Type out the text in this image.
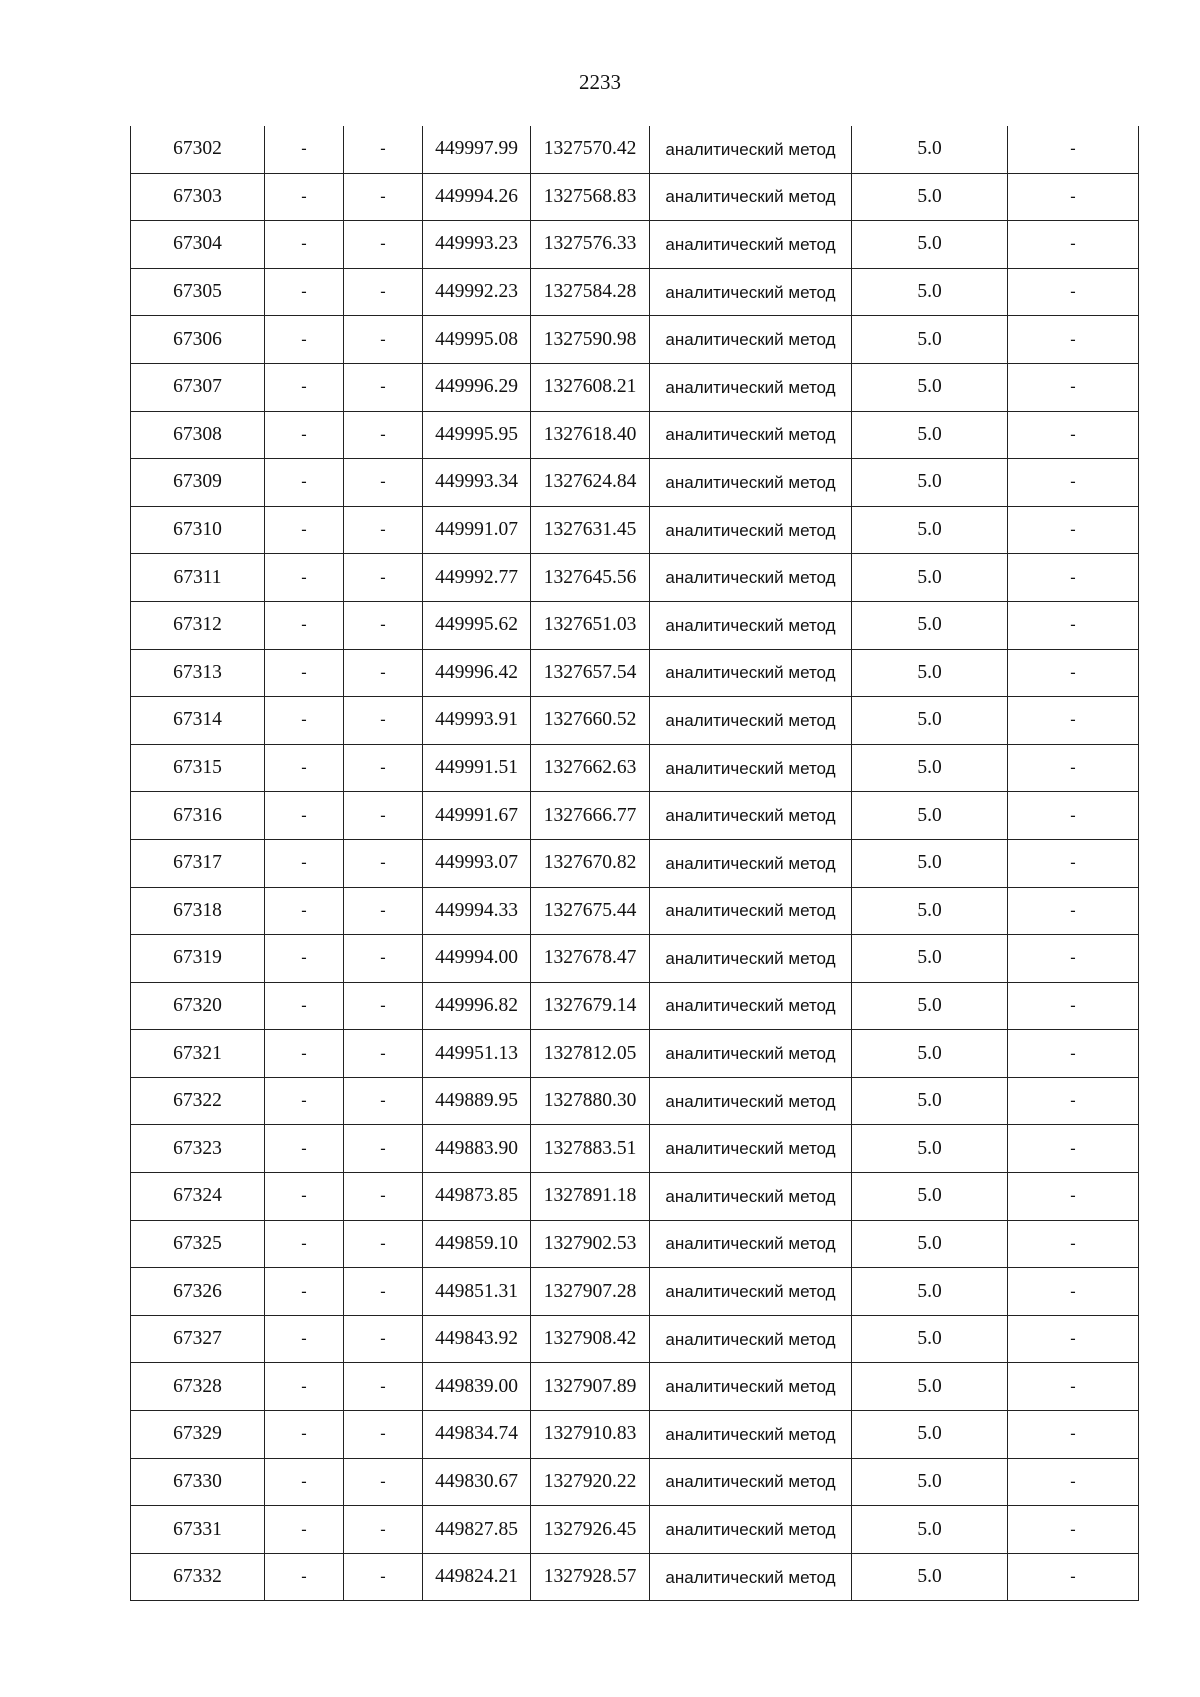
2233
67302	-	-	449997.99	1327570.42	аналитический метод	5.0	-
67303	-	-	449994.26	1327568.83	аналитический метод	5.0	-
67304	-	-	449993.23	1327576.33	аналитический метод	5.0	-
67305	-	-	449992.23	1327584.28	аналитический метод	5.0	-
67306	-	-	449995.08	1327590.98	аналитический метод	5.0	-
67307	-	-	449996.29	1327608.21	аналитический метод	5.0	-
67308	-	-	449995.95	1327618.40	аналитический метод	5.0	-
67309	-	-	449993.34	1327624.84	аналитический метод	5.0	-
67310	-	-	449991.07	1327631.45	аналитический метод	5.0	-
67311	-	-	449992.77	1327645.56	аналитический метод	5.0	-
67312	-	-	449995.62	1327651.03	аналитический метод	5.0	-
67313	-	-	449996.42	1327657.54	аналитический метод	5.0	-
67314	-	-	449993.91	1327660.52	аналитический метод	5.0	-
67315	-	-	449991.51	1327662.63	аналитический метод	5.0	-
67316	-	-	449991.67	1327666.77	аналитический метод	5.0	-
67317	-	-	449993.07	1327670.82	аналитический метод	5.0	-
67318	-	-	449994.33	1327675.44	аналитический метод	5.0	-
67319	-	-	449994.00	1327678.47	аналитический метод	5.0	-
67320	-	-	449996.82	1327679.14	аналитический метод	5.0	-
67321	-	-	449951.13	1327812.05	аналитический метод	5.0	-
67322	-	-	449889.95	1327880.30	аналитический метод	5.0	-
67323	-	-	449883.90	1327883.51	аналитический метод	5.0	-
67324	-	-	449873.85	1327891.18	аналитический метод	5.0	-
67325	-	-	449859.10	1327902.53	аналитический метод	5.0	-
67326	-	-	449851.31	1327907.28	аналитический метод	5.0	-
67327	-	-	449843.92	1327908.42	аналитический метод	5.0	-
67328	-	-	449839.00	1327907.89	аналитический метод	5.0	-
67329	-	-	449834.74	1327910.83	аналитический метод	5.0	-
67330	-	-	449830.67	1327920.22	аналитический метод	5.0	-
67331	-	-	449827.85	1327926.45	аналитический метод	5.0	-
67332	-	-	449824.21	1327928.57	аналитический метод	5.0	-
